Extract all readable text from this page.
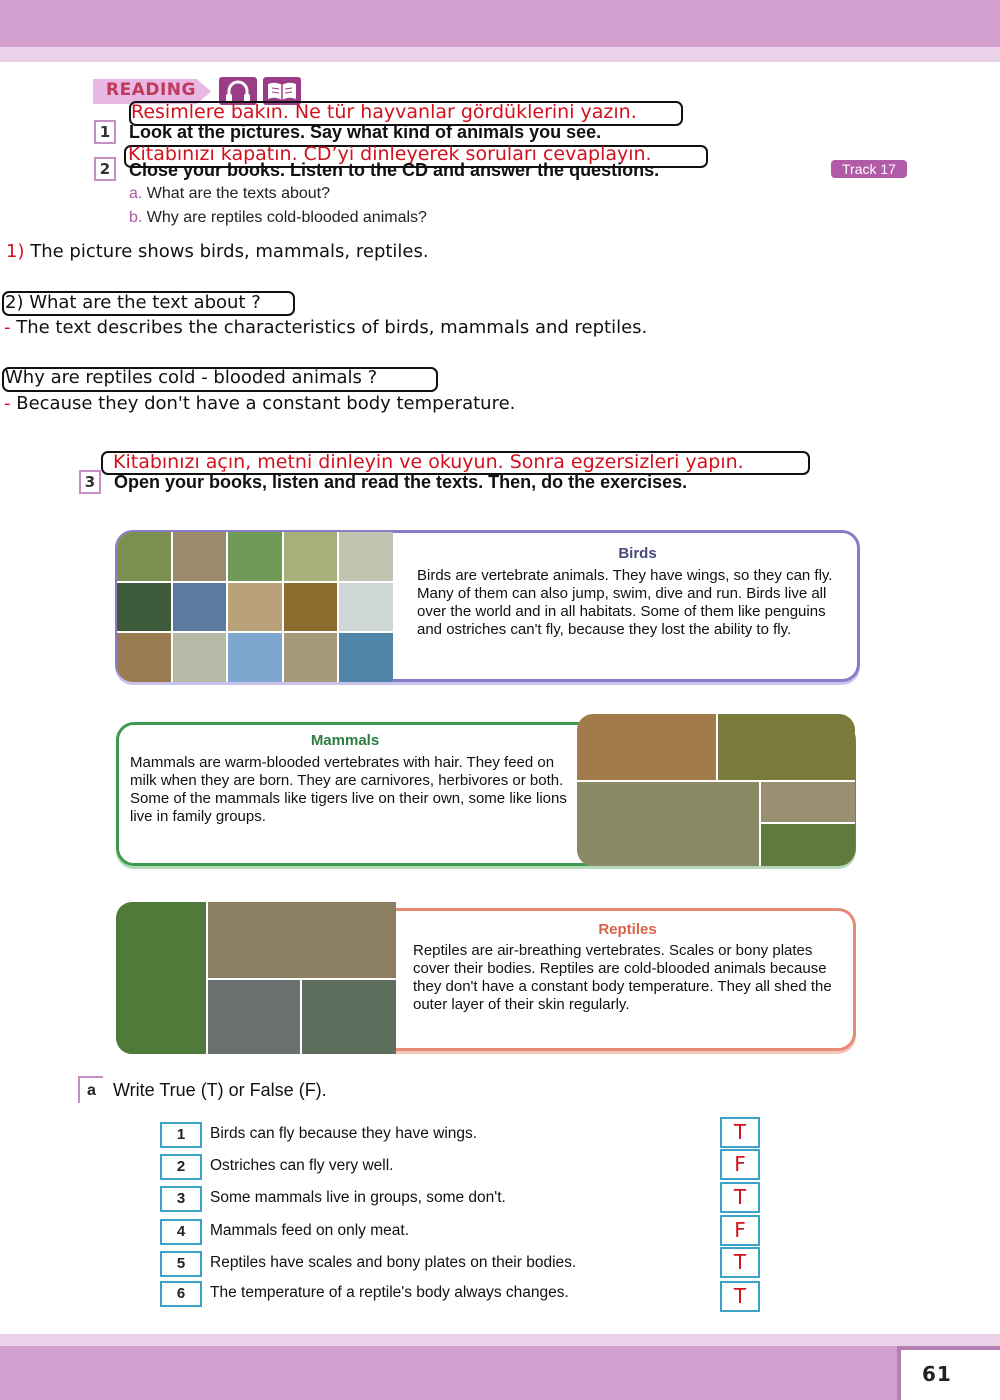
61
READING
Resimlere bakın. Ne tür hayvanlar gördüklerini yazın.
1	Look at the pictures. Say what kind of animals you see.
Kitabınızı kapatın. CD’yi dinleyerek soruları cevaplayın.
2	Close your books. Listen to the CD and answer the questions.	Track 17
a. What are the texts about?
b. Why are reptiles cold-blooded animals?
1) The picture shows birds, mammals, reptiles.
2) What are the text about ?
- The text describes the characteristics of birds, mammals and reptiles.
Why are reptiles cold - blooded animals ?
- Because they don't have a constant body temperature.
Kitabınızı açın, metni dinleyin ve okuyun. Sonra egzersizleri yapın.
3	Open your books, listen and read the texts. Then, do the exercises.
Birds
Birds are vertebrate animals. They have wings, so they can fly. Many of them can also jump, swim, dive and run. Birds live all over the world and in all habitats. Some of them like penguins and ostriches can't fly, because they lost the ability to fly.
Mammals
Mammals are warm-blooded vertebrates with hair. They feed on milk when they are born. They are carnivores, herbivores or both. Some of the mammals like tigers live on their own, some like lions live in family groups.
Reptiles
Reptiles are air-breathing vertebrates. Scales or bony plates cover their bodies. Reptiles are cold-blooded animals because they don't have a constant body temperature. They all shed the outer layer of their skin regularly.
a Write True (T) or False (F).
1	Birds can fly because they have wings.	T
2	Ostriches can fly very well.	F
3	Some mammals live in groups, some don't.	T
4	Mammals feed on only meat.	F
5	Reptiles have scales and bony plates on their bodies.	T
6	The temperature of a reptile's body always changes.	T
